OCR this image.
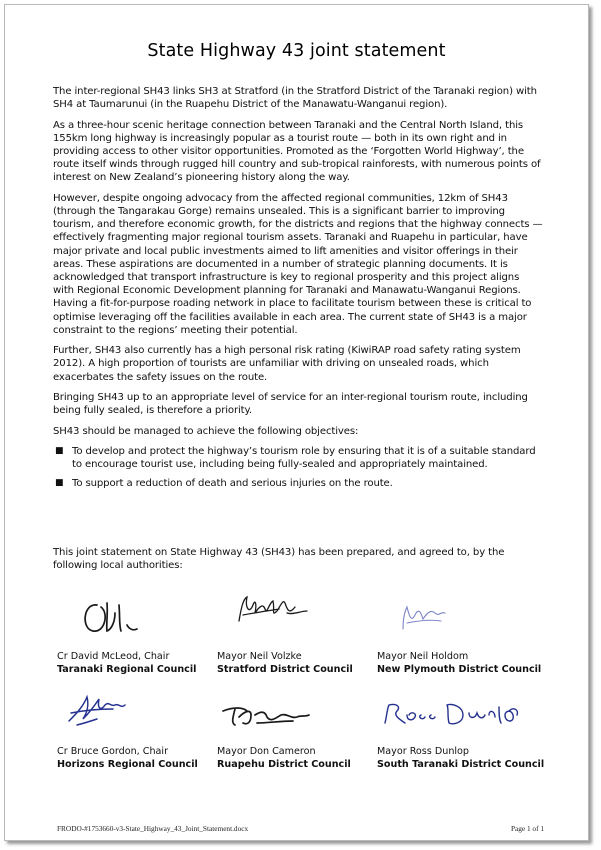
State Highway 43 joint statement

The inter-regional SH43 links SH3 at Stratford (in the Stratford District of the Taranaki region) with SH4 at Taumarunui (in the Ruapehu District of the Manawatu-Wanganui region).

As a three-hour scenic heritage connection between Taranaki and the Central North Island, this 155km long highway is increasingly popular as a tourist route — both in its own right and in providing access to other visitor opportunities. Promoted as the ‘Forgotten World Highway’, the route itself winds through rugged hill country and sub-tropical rainforests, with numerous points of interest on New Zealand’s pioneering history along the way.

However, despite ongoing advocacy from the affected regional communities, 12km of SH43 (through the Tangarakau Gorge) remains unsealed. This is a significant barrier to improving tourism, and therefore economic growth, for the districts and regions that the highway connects — effectively fragmenting major regional tourism assets. Taranaki and Ruapehu in particular, have major private and local public investments aimed to lift amenities and visitor offerings in their areas. These aspirations are documented in a number of strategic planning documents. It is acknowledged that transport infrastructure is key to regional prosperity and this project aligns with Regional Economic Development planning for Taranaki and Manawatu-Wanganui Regions. Having a fit-for-purpose roading network in place to facilitate tourism between these is critical to optimise leveraging off the facilities available in each area. The current state of SH43 is a major constraint to the regions’ meeting their potential.

Further, SH43 also currently has a high personal risk rating (KiwiRAP road safety rating system 2012). A high proportion of tourists are unfamiliar with driving on unsealed roads, which exacerbates the safety issues on the route.

Bringing SH43 up to an appropriate level of service for an inter-regional tourism route, including being fully sealed, is therefore a priority.

SH43 should be managed to achieve the following objectives:

■ To develop and protect the highway’s tourism role by ensuring that it is of a suitable standard to encourage tourist use, including being fully-sealed and appropriately maintained.
■ To support a reduction of death and serious injuries on the route.
This joint statement on State Highway 43 (SH43) has been prepared, and agreed to, by the following local authorities:
Cr David McLeod, Chair
Taranaki Regional Council
Mayor Neil Volzke
Stratford District Council
Mayor Neil Holdom
New Plymouth District Council
Cr Bruce Gordon, Chair
Horizons Regional Council
Mayor Don Cameron
Ruapehu District Council
Mayor Ross Dunlop
South Taranaki District Council
FRODO-#1753660-v3-State_Highway_43_Joint_Statement.docx	Page 1 of 1
